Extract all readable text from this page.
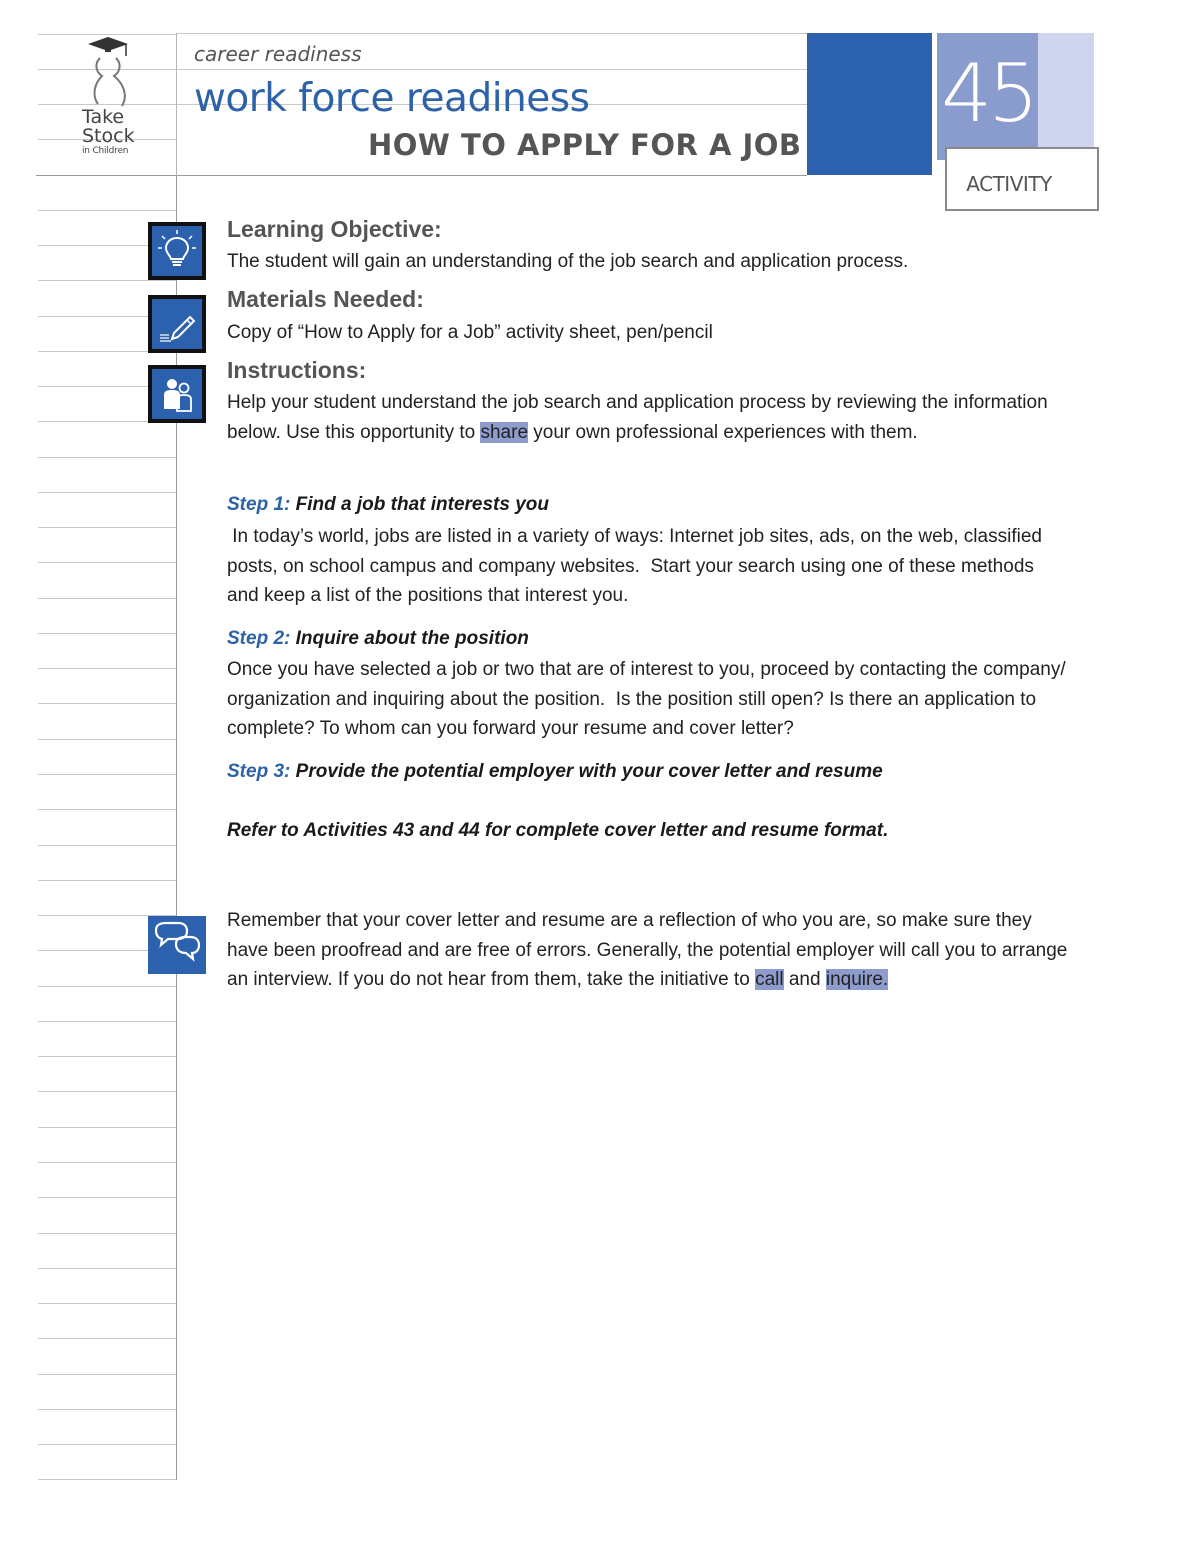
Take
Stock
in Children
career readiness
work force readiness
HOW TO APPLY FOR A JOB
45
ACTIVITY
Learning Objective:
The student will gain an understanding of the job search and application process.
Materials Needed:
Copy of “How to Apply for a Job” activity sheet, pen/pencil
Instructions:
Help your student understand the job search and application process by reviewing the information
below. Use this opportunity to share your own professional experiences with them.
Step 1: Find a job that interests you
In today’s world, jobs are listed in a variety of ways: Internet job sites, ads, on the web, classified
posts, on school campus and company websites.  Start your search using one of these methods
and keep a list of the positions that interest you.
Step 2: Inquire about the position
Once you have selected a job or two that are of interest to you, proceed by contacting the company/
organization and inquiring about the position.  Is the position still open? Is there an application to
complete? To whom can you forward your resume and cover letter?
Step 3: Provide the potential employer with your cover letter and resume
Refer to Activities 43 and 44 for complete cover letter and resume format.
Remember that your cover letter and resume are a reflection of who you are, so make sure they
have been proofread and are free of errors. Generally, the potential employer will call you to arrange
an interview. If you do not hear from them, take the initiative to call and inquire.
